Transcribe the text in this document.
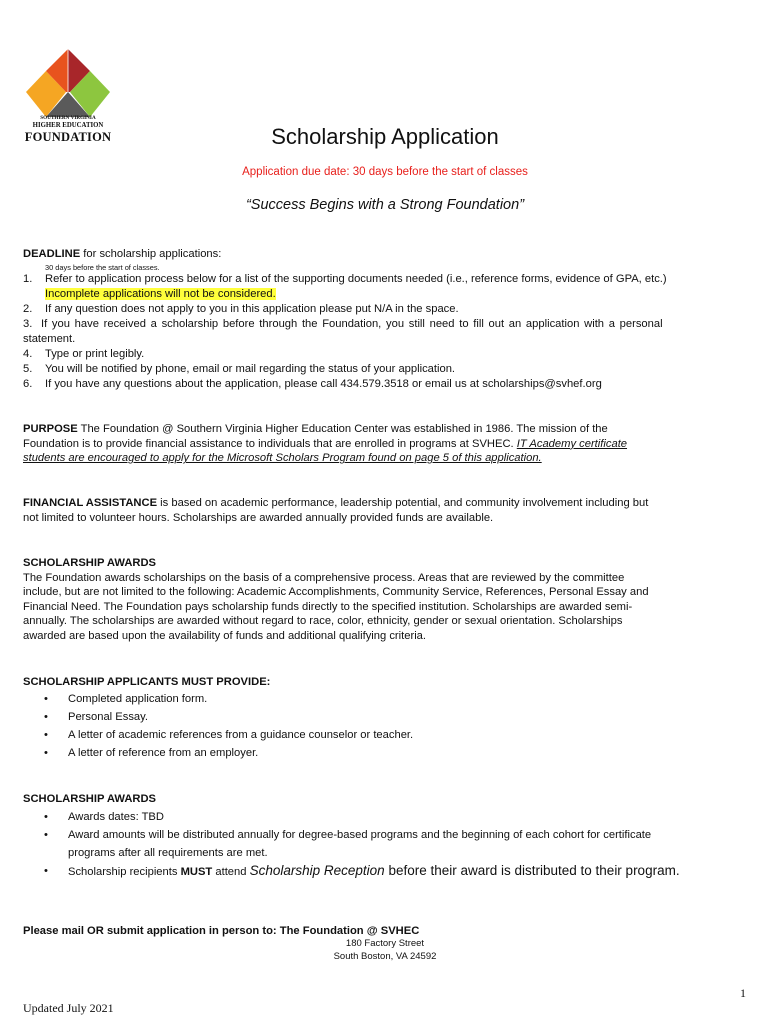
SOUTHERN VIRGINIA
HIGHER EDUCATION
FOUNDATION	Scholarship Application
Application due date: 30 days before the start of classes
“Success Begins with a Strong Foundation”
DEADLINE for scholarship applications:
30 days before the start of classes.
1. Refer to application process below for a list of the supporting documents needed (i.e., reference forms, evidence of GPA, etc.)
Incomplete applications will not be considered.
2. If any question does not apply to you in this application please put N/A in the space.
3. If you have received a scholarship before through the Foundation, you still need to fill out an application with a personal
statement.
4. Type or print legibly.
5. You will be notified by phone, email or mail regarding the status of your application.
6. If you have any questions about the application, please call 434.579.3518 or email us at scholarships@svhef.org

PURPOSE The Foundation @ Southern Virginia Higher Education Center was established in 1986. The mission of the

Foundation is to provide financial assistance to individuals that are enrolled in programs at SVHEC. IT Academy certificate

students are encouraged to apply for the Microsoft Scholars Program found on page 5 of this application.

FINANCIAL ASSISTANCE is based on academic performance, leadership potential, and community involvement including but

not limited to volunteer hours. Scholarships are awarded annually provided funds are available.

SCHOLARSHIP AWARDS

The Foundation awards scholarships on the basis of a comprehensive process. Areas that are reviewed by the committee

include, but are not limited to the following: Academic Accomplishments, Community Service, References, Personal Essay and

Financial Need. The Foundation pays scholarship funds directly to the specified institution. Scholarships are awarded semi-

annually. The scholarships are awarded without regard to race, color, ethnicity, gender or sexual orientation. Scholarships

awarded are based upon the availability of funds and additional qualifying criteria.

SCHOLARSHIP APPLICANTS MUST PROVIDE:
• Completed application form.
• Personal Essay.
• A letter of academic references from a guidance counselor or teacher.
• A letter of reference from an employer.
SCHOLARSHIP AWARDS
• Awards dates: TBD
• Award amounts will be distributed annually for degree-based programs and the beginning of each cohort for certificate
programs after all requirements are met.
• Scholarship recipients MUST attend Scholarship Reception before their award is distributed to their program.
Please mail OR submit application in person to: The Foundation @ SVHEC
180 Factory Street
South Boston, VA 24592
1
Updated July 2021
